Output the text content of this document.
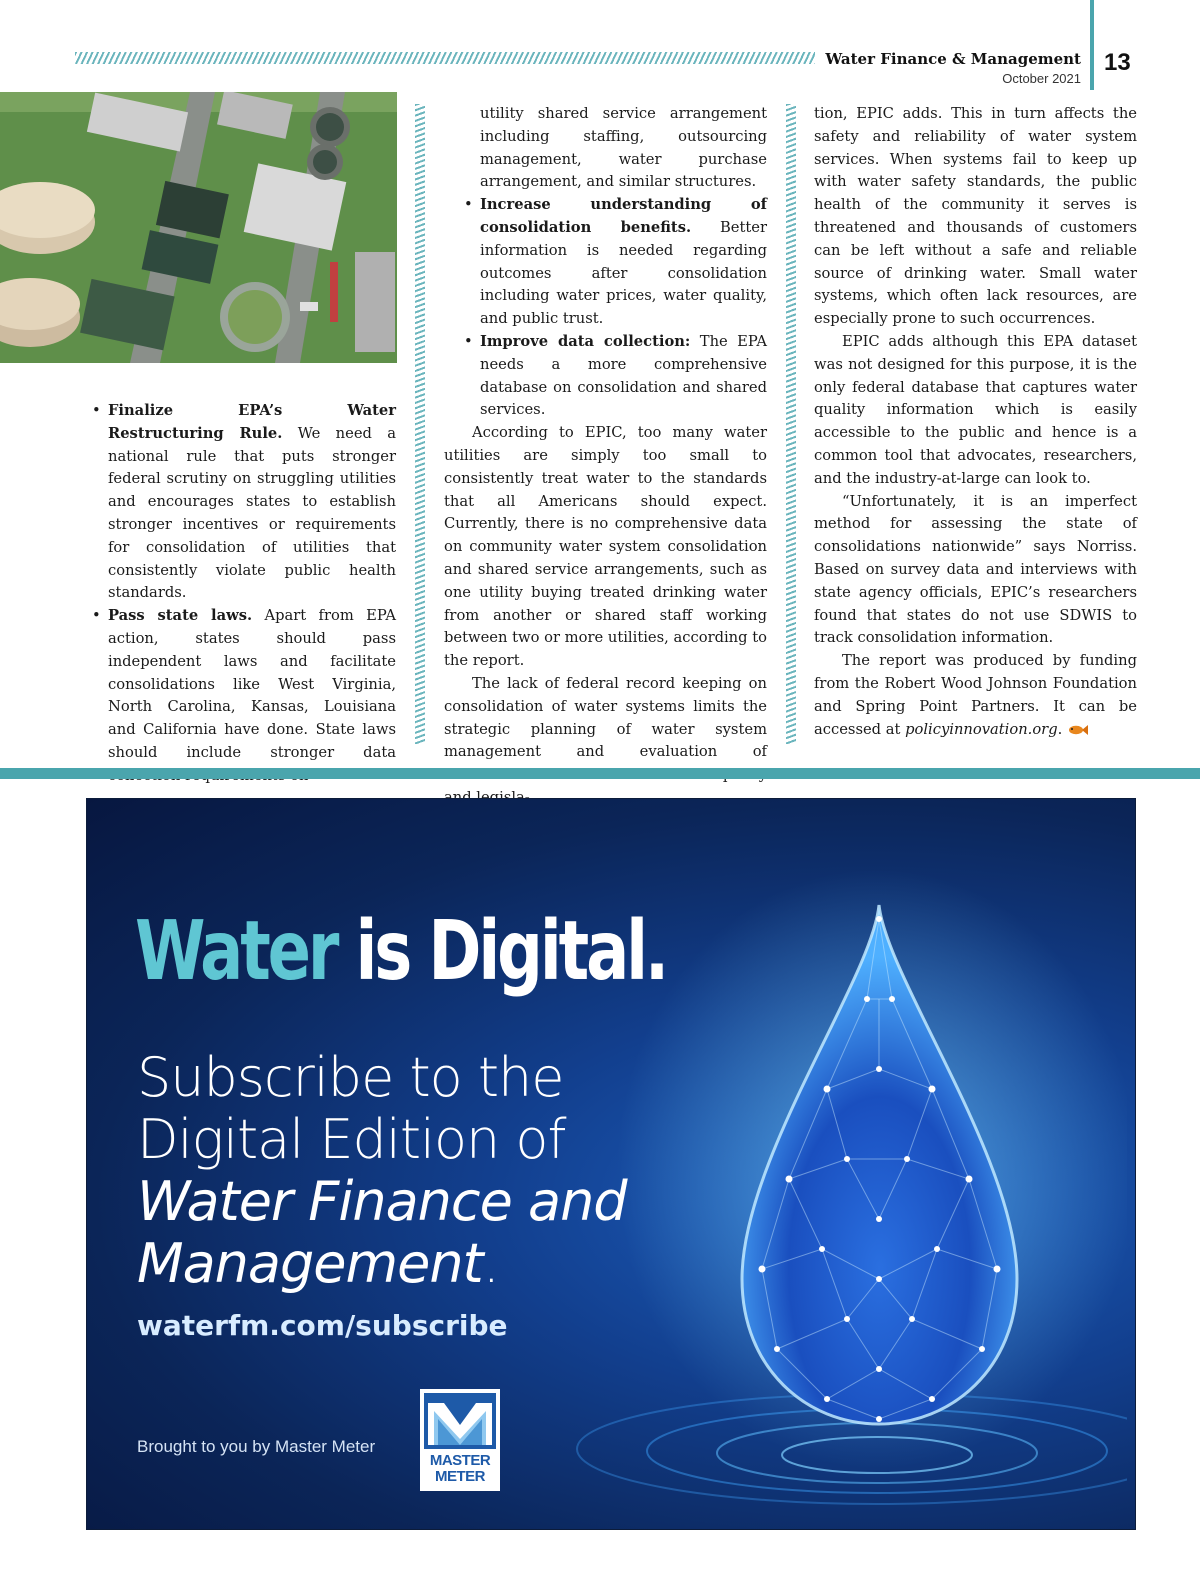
Water Finance & Management
October 2021
13
• Finalize EPA’s Water Restructuring Rule. We need a national rule that puts stronger federal scrutiny on struggling utilities and encourages states to establish stronger incentives or requirements for consolidation of utilities that consistently violate public health standards.
• Pass state laws. Apart from EPA action, states should pass independent laws and facilitate consolidations like West Virginia, North Carolina, Kansas, Louisiana and California have done. State laws should include stronger data

utility shared service arrangement including staffing, outsourcing management, water purchase arrangement, and similar structures.

• Increase understanding of consolidation benefits. Better information is needed regarding outcomes after consolidation including water prices, water quality, and public trust.
• Improve data collection: The EPA needs a more comprehensive database on consolidation and shared services.

According to EPIC, too many water utilities are simply too small to consistently treat water to the standards that all Americans should expect. Currently, there is no comprehensive data on community water system consolidation and shared service arrangements, such as one utility buying treated drinking water from another or shared staff working between two or more utilities, according to the report.

The lack of federal record keeping on consolidation of water systems limits the strategic planning of water system management and evaluation of

tion, EPIC adds. This in turn affects the safety and reliability of water system services. When systems fail to keep up with water safety standards, the public health of the community it serves is threatened and thousands of customers can be left without a safe and reliable source of drinking water. Small water systems, which often lack resources, are especially prone to such occurrences.

EPIC adds although this EPA dataset was not designed for this purpose, it is the only federal database that captures water quality information which is easily accessible to the public and hence is a common tool that advocates, researchers, and the industry-at-large can look to.

“Unfortunately, it is an imperfect method for assessing the state of consolidations nationwide” says Norriss. Based on survey data and interviews with state agency officials, EPIC’s researchers found that states do not use SDWIS to track consolidation information.

The report was produced by funding from the Robert Wood Johnson Foundation and Spring Point Partners. It can be accessed at policyinnovation.org.

Water is Digital.
Subscribe to the
Digital Edition of
Water Finance and
Management.
waterfm.com/subscribe
Brought to you by Master Meter
MASTER
METER
